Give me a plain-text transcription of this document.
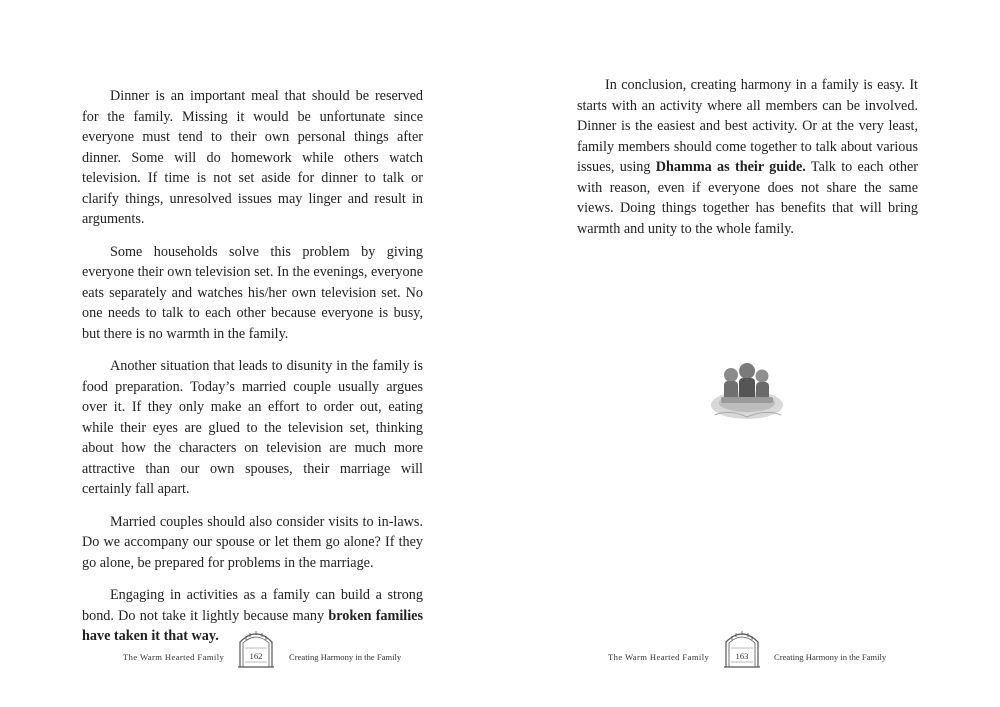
Dinner is an important meal that should be reserved for the family. Missing it would be unfortunate since everyone must tend to their own personal things after dinner. Some will do homework while others watch television. If time is not set aside for dinner to talk or clarify things, unresolved issues may linger and result in arguments.

Some households solve this problem by giving everyone their own television set. In the evenings, everyone eats separately and watches his/her own television set. No one needs to talk to each other because everyone is busy, but there is no warmth in the family.

Another situation that leads to disunity in the family is food preparation. Today’s married couple usually argues over it. If they only make an effort to order out, eating while their eyes are glued to the television set, thinking about how the characters on television are much more attractive than our own spouses, their marriage will certainly fall apart.

Married couples should also consider visits to in-laws. Do we accompany our spouse or let them go alone? If they go alone, be prepared for problems in the marriage.

Engaging in activities as a family can build a strong bond. Do not take it lightly because many broken families have taken it that way.

The Warm Hearted Family	162	Creating Harmony in the Family

In conclusion, creating harmony in a family is easy. It starts with an activity where all members can be involved. Dinner is the easiest and best activity. Or at the very least, family members should come together to talk about various issues, using Dhamma as their guide. Talk to each other with reason, even if everyone does not share the same views. Doing things together has benefits that will bring warmth and unity to the whole family.

The Warm Hearted Family	163	Creating Harmony in the Family
